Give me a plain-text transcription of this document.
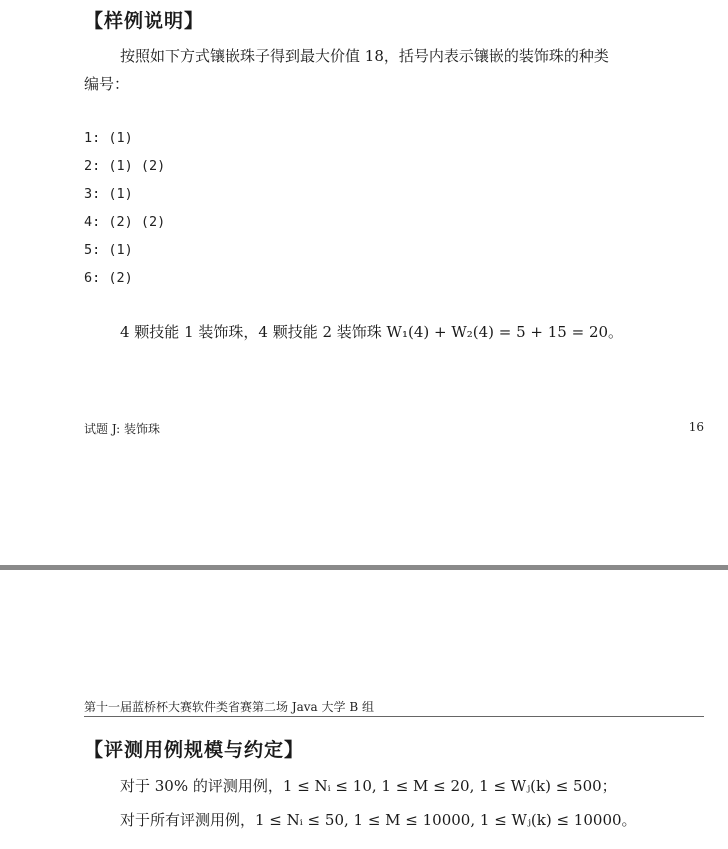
【样例说明】
按照如下方式镶嵌珠子得到最大价值 18，括号内表示镶嵌的装饰珠的种类
编号：
1: (1)
2: (1) (2)
3: (1)
4: (2) (2)
5: (1)
6: (2)
4 颗技能 1 装饰珠，4 颗技能 2 装饰珠 W₁(4) + W₂(4) = 5 + 15 = 20。
试题 J: 装饰珠	16
第十一届蓝桥杯大赛软件类省赛第二场 Java 大学 B 组
【评测用例规模与约定】
对于 30% 的评测用例，1 ≤ Nᵢ ≤ 10, 1 ≤ M ≤ 20, 1 ≤ Wⱼ(k) ≤ 500；
对于所有评测用例，1 ≤ Nᵢ ≤ 50, 1 ≤ M ≤ 10000, 1 ≤ Wⱼ(k) ≤ 10000。
